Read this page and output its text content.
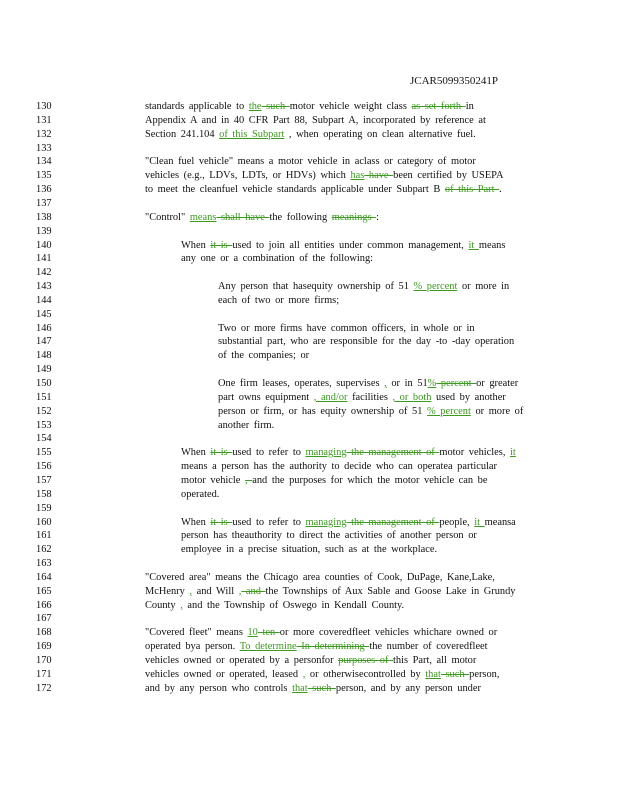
JCAR5099350241P
130	standards applicable to the such motor vehicle weight class as set forth in
131	Appendix A and in 40 CFR Part 88, Subpart A, incorporated by reference at
132	Section 241.104 of this Subpart , when operating on clean alternative fuel.
133
134	"Clean fuel vehicle" means a motor vehicle in aclass or category of motor
135	vehicles (e.g., LDVs, LDTs, or HDVs) which has have been certified by USEPA
136	to meet the cleanfuel vehicle standards applicable under Subpart B of this Part .
137
138	"Control" means shall have the following meanings :
139
140	When it is used to join all entities under common management, it means
141	any one or a combination of the following:
142
143	Any person that hasequity ownership of 51 % percent or more in
144	each of two or more firms;
145
146	Two or more firms have common officers, in whole or in
147	substantial part, who are responsible for the day -to -day operation
148	of the companies; or
149
150	One firm leases, operates, supervises , or in 51% percent or greater
151	part owns equipment , and/or facilities , or both used by another
152	person or firm, or has equity ownership of 51 % percent or more of
153	another firm.
154
155	When it is used to refer to managing the management of motor vehicles, it
156	means a person has the authority to decide who can operatea particular
157	motor vehicle , and the purposes for which the motor vehicle can be
158	operated.
159
160	When it is used to refer to managing the management of people, it meansa
161	person has theauthority to direct the activities of another person or
162	employee in a precise situation, such as at the workplace.
163
164	"Covered area" means the Chicago area counties of Cook, DuPage, Kane,Lake,
165	McHenry , and Will , and the Townships of Aux Sable and Goose Lake in Grundy
166	County , and the Township of Oswego in Kendall County.
167
168	"Covered fleet" means 10 ten or more coveredfleet vehicles whichare owned or
169	operated bya person. To determine In determining the number of coveredfleet
170	vehicles owned or operated by a personfor purposes of this Part, all motor
171	vehicles owned or operated, leased , or otherwisecontrolled by that such person,
172	and by any person who controls that such person, and by any person under
